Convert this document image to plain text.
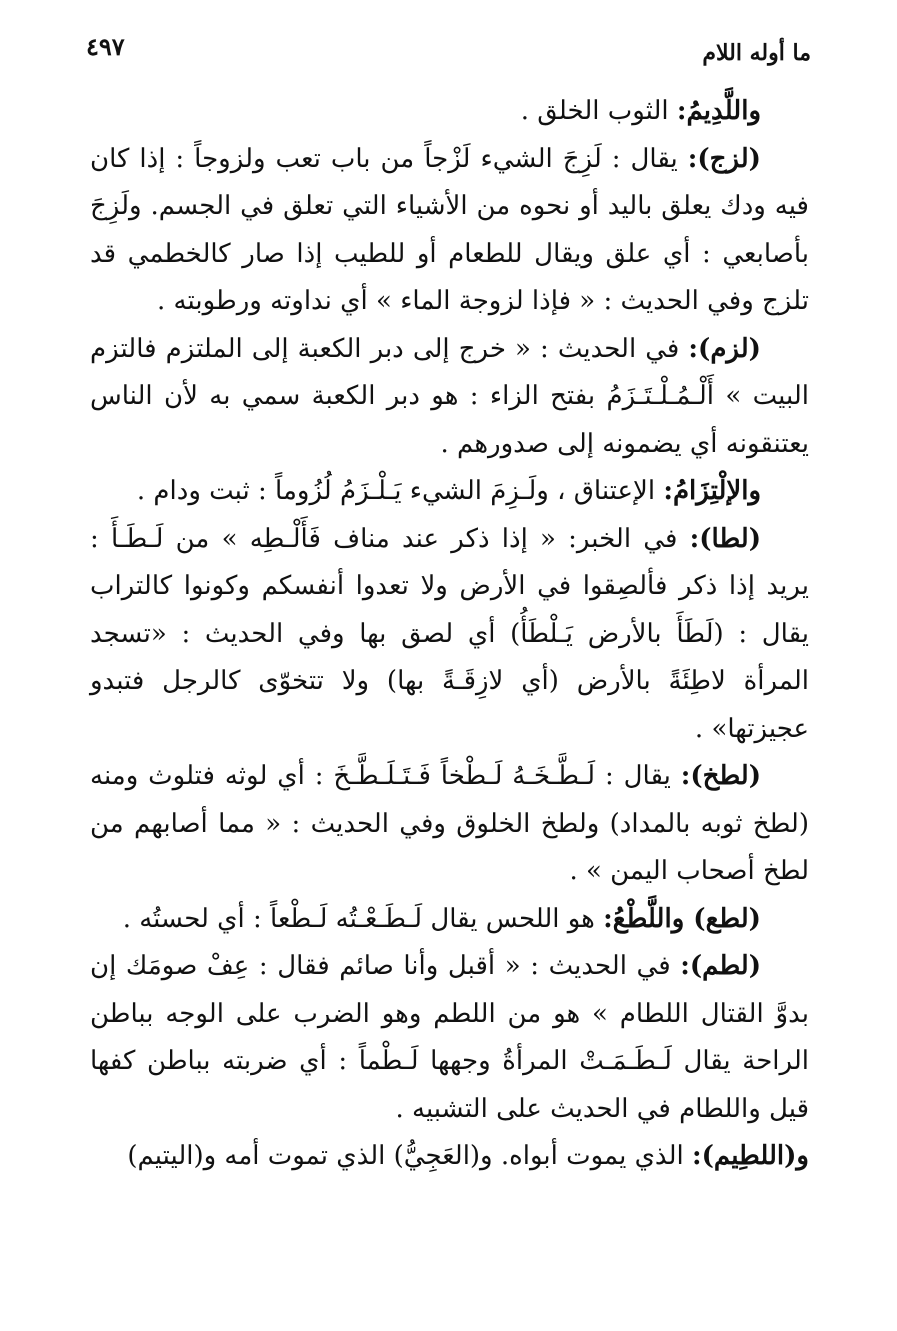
ما أوله اللام
٤٩٧

واللَّدِيمُ: الثوب الخلق .

(لزج): يقال : لَزِجَ الشيء لَزْجاً من باب تعب ولزوجاً : إذا كان فيه ودك يعلق باليد أو نحوه من الأشياء التي تعلق في الجسم. ولَزِجَ بأصابعي : أي علق ويقال للطعام أو للطيب إذا صار كالخطمي قد تلزج وفي الحديث : « فإذا لزوجة الماء » أي نداوته ورطوبته .

(لزم): في الحديث : « خرج إلى دبر الكعبة إلى الملتزم فالتزم البيت » أَلْـمُـلْـتَـزَمُ بفتح الزاء : هو دبر الكعبة سمي به لأن الناس يعتنقونه أي يضمونه إلى صدورهم .

والإلْتِزَامُ: الإعتناق ، ولَـزِمَ الشيء يَـلْـزَمُ لُزُوماً : ثبت ودام .

(لطا): في الخبر: « إذا ذكر عند مناف فَأَلْـطِه » من لَـطَـأَ : يريد إذا ذكر فألصِقوا في الأرض ولا تعدوا أنفسكم وكونوا كالتراب يقال : (لَطَأَ بالأرض يَـلْطَأُ) أي لصق بها وفي الحديث : «تسجد المرأة لاطِئَةً بالأرض (أي لازِقَـةً بها) ولا تتخوّى كالرجل فتبدو عجيزتها» .

(لطخ): يقال : لَـطَّـخَـهُ لَـطْخاً فَـتَـلَـطَّـخَ : أي لوثه فتلوث ومنه (لطخ ثوبه بالمداد) ولطخ الخلوق وفي الحديث : « مما أصابهم من لطخ أصحاب اليمن » .

(لطع) واللَّطْعُ: هو اللحس يقال لَـطَـعْـتُه لَـطْعاً : أي لحستُه .

(لطم): في الحديث : « أقبل وأنا صائم فقال : عِفْ صومَك إن بدوَّ القتال اللطام » هو من اللطم وهو الضرب على الوجه بباطن الراحة يقال لَـطَـمَـتْ المرأةُ وجهها لَـطْماً : أي ضربته بباطن كفها قيل واللطام في الحديث على التشبيه .

و(اللطِيم): الذي يموت أبواه. و(العَجِيُّ) الذي تموت أمه و(اليتيم)
